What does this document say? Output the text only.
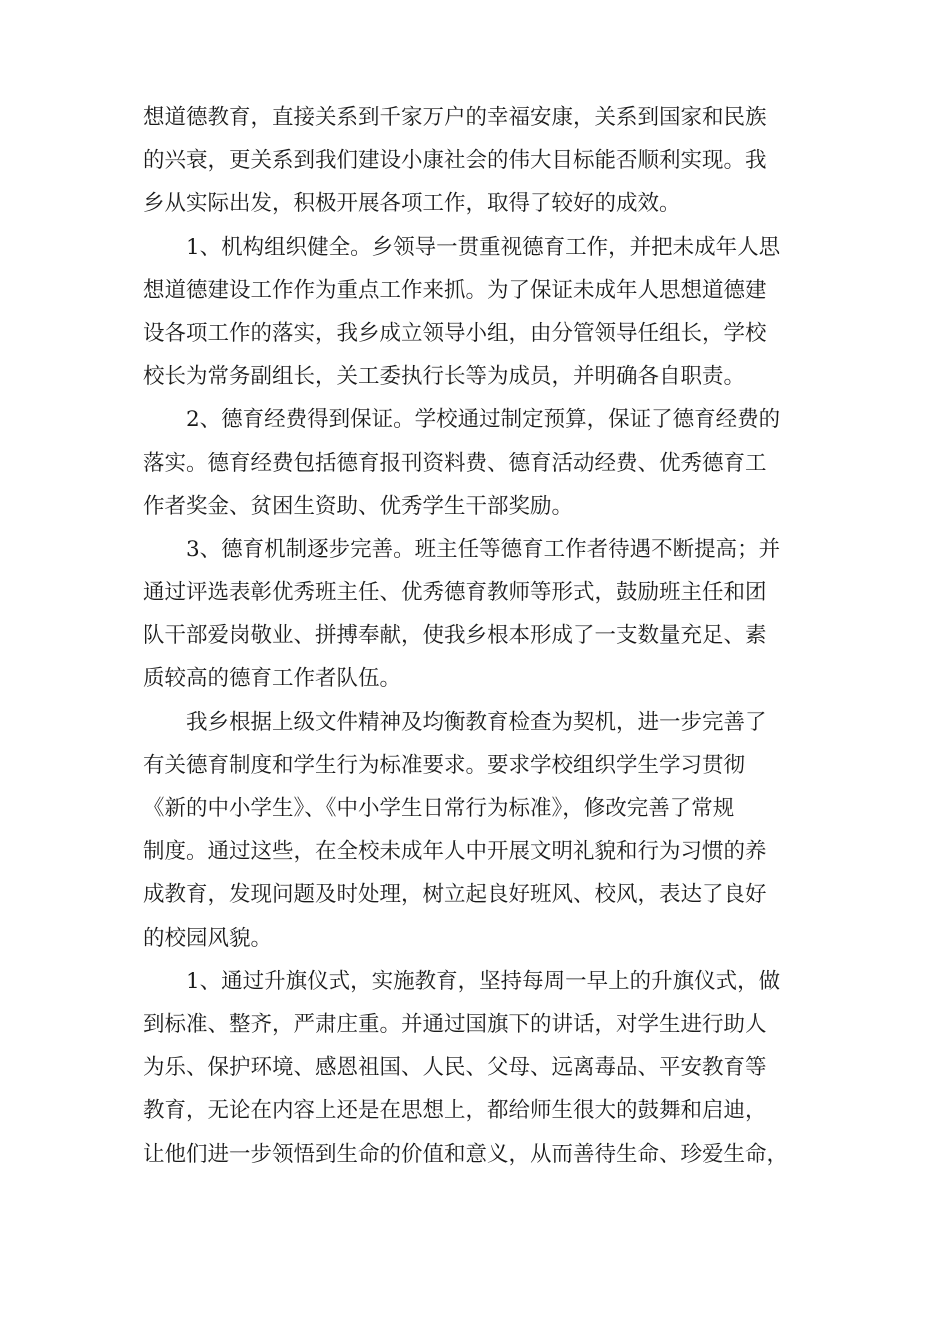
想道德教育，直接关系到千家万户的幸福安康，关系到国家和民族
的兴衰，更关系到我们建设小康社会的伟大目标能否顺利实现。我
乡从实际出发，积极开展各项工作，取得了较好的成效。
1、机构组织健全。乡领导一贯重视德育工作，并把未成年人思
想道德建设工作作为重点工作来抓。为了保证未成年人思想道德建
设各项工作的落实，我乡成立领导小组，由分管领导任组长，学校
校长为常务副组长，关工委执行长等为成员，并明确各自职责。
2、德育经费得到保证。学校通过制定预算，保证了德育经费的
落实。德育经费包括德育报刊资料费、德育活动经费、优秀德育工
作者奖金、贫困生资助、优秀学生干部奖励。
3、德育机制逐步完善。班主任等德育工作者待遇不断提高；并
通过评选表彰优秀班主任、优秀德育教师等形式，鼓励班主任和团
队干部爱岗敬业、拼搏奉献，使我乡根本形成了一支数量充足、素
质较高的德育工作者队伍。
我乡根据上级文件精神及均衡教育检查为契机，进一步完善了
有关德育制度和学生行为标准要求。要求学校组织学生学习贯彻
《新的中小学生》、《中小学生日常行为标准》，修改完善了常规
制度。通过这些，在全校未成年人中开展文明礼貌和行为习惯的养
成教育，发现问题及时处理，树立起良好班风、校风，表达了良好
的校园风貌。
1、通过升旗仪式，实施教育，坚持每周一早上的升旗仪式，做
到标准、整齐，严肃庄重。并通过国旗下的讲话，对学生进行助人
为乐、保护环境、感恩祖国、人民、父母、远离毒品、平安教育等
教育，无论在内容上还是在思想上，都给师生很大的鼓舞和启迪，
让他们进一步领悟到生命的价值和意义，从而善待生命、珍爱生命，
